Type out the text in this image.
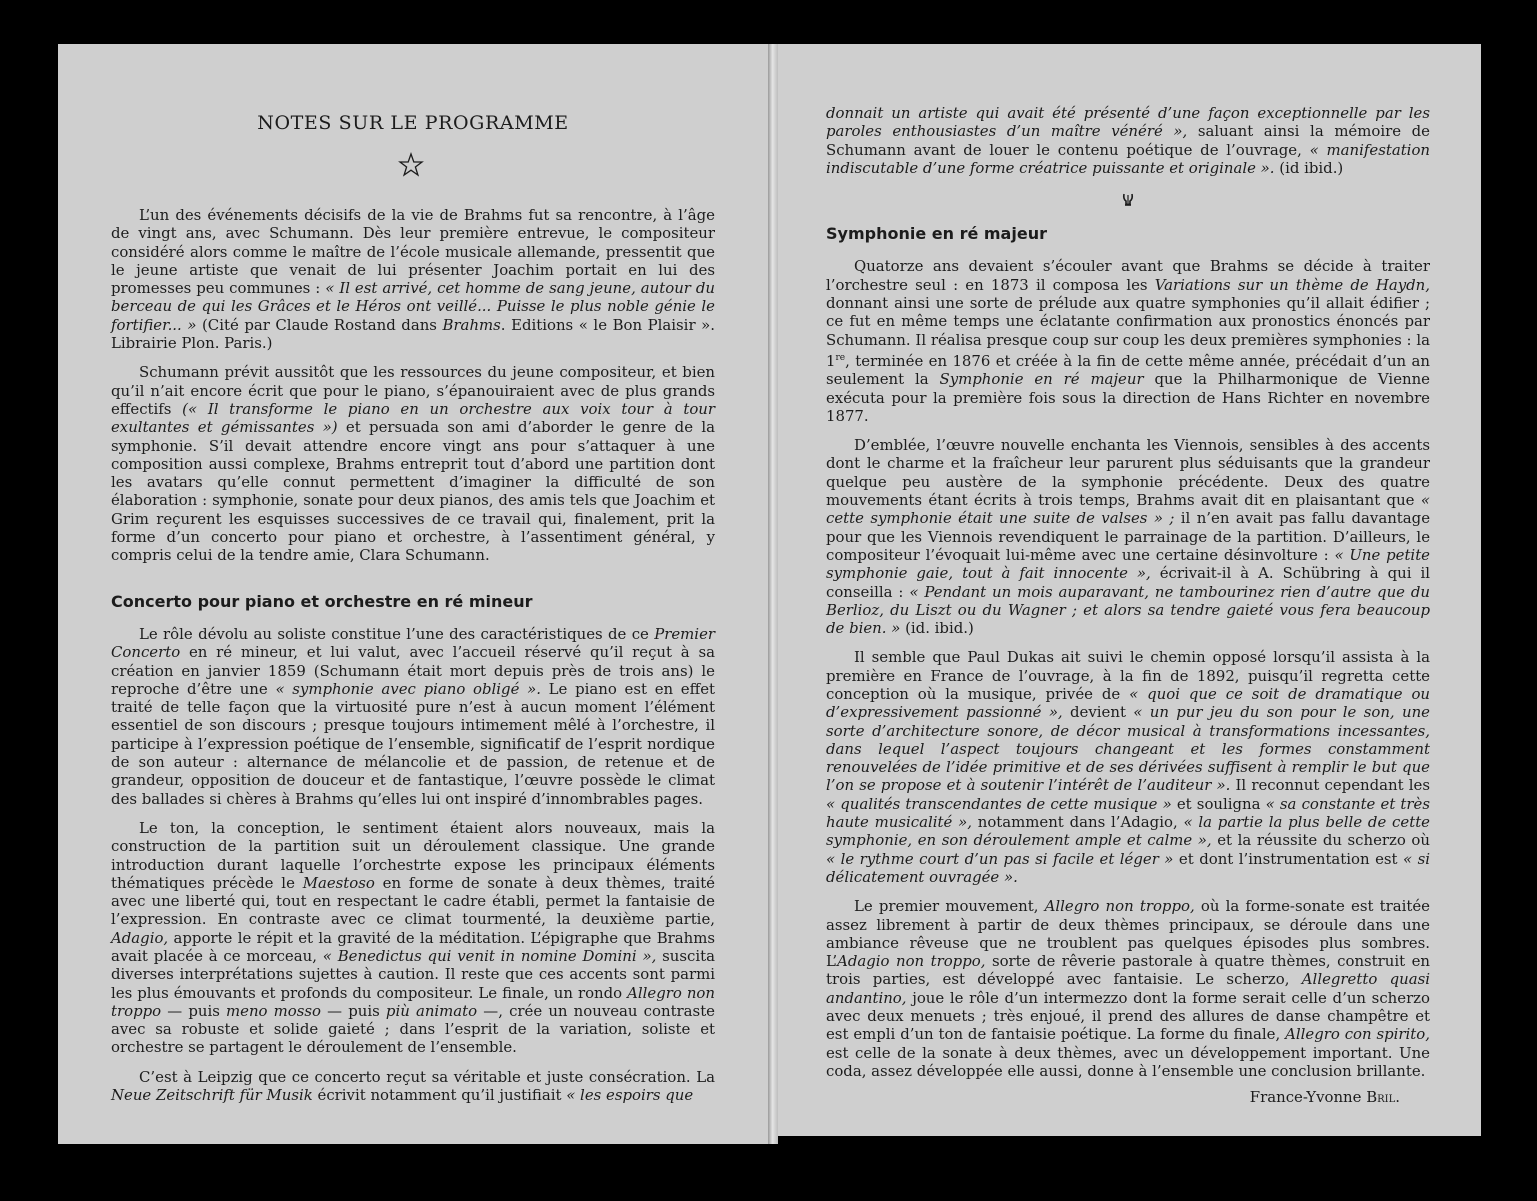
NOTES SUR LE PROGRAMME

L’un des événements décisifs de la vie de Brahms fut sa rencontre, à l’âge de vingt ans, avec Schumann. Dès leur première entrevue, le compositeur considéré alors comme le maître de l’école musicale allemande, pressentit que le jeune artiste que venait de lui présenter Joachim portait en lui des promesses peu communes : « Il est arrivé, cet homme de sang jeune, autour du berceau de qui les Grâces et le Héros ont veillé... Puisse le plus noble génie le fortifier... » (Cité par Claude Rostand dans Brahms. Editions « le Bon Plaisir ». Librairie Plon. Paris.)

Schumann prévit aussitôt que les ressources du jeune compositeur, et bien qu’il n’ait encore écrit que pour le piano, s’épanouiraient avec de plus grands effectifs (« Il transforme le piano en un orchestre aux voix tour à tour exultantes et gémissantes ») et persuada son ami d’aborder le genre de la symphonie. S’il devait attendre encore vingt ans pour s’attaquer à une composition aussi complexe, Brahms entreprit tout d’abord une partition dont les avatars qu’elle connut permettent d’imaginer la difficulté de son élaboration : symphonie, sonate pour deux pianos, des amis tels que Joachim et Grim reçurent les esquisses successives de ce travail qui, finalement, prit la forme d’un concerto pour piano et orchestre, à l’assentiment général, y compris celui de la tendre amie, Clara Schumann.

Concerto pour piano et orchestre en ré mineur

Le rôle dévolu au soliste constitue l’une des caractéristiques de ce Premier Concerto en ré mineur, et lui valut, avec l’accueil réservé qu’il reçut à sa création en janvier 1859 (Schumann était mort depuis près de trois ans) le reproche d’être une « symphonie avec piano obligé ». Le piano est en effet traité de telle façon que la virtuosité pure n’est à aucun moment l’élément essentiel de son discours ; presque toujours intimement mêlé à l’orchestre, il participe à l’expression poétique de l’ensemble, significatif de l’esprit nordique de son auteur : alternance de mélancolie et de passion, de retenue et de grandeur, opposition de douceur et de fantastique, l’œuvre possède le climat des ballades si chères à Brahms qu’elles lui ont inspiré d’innombrables pages.

Le ton, la conception, le sentiment étaient alors nouveaux, mais la construction de la partition suit un déroulement classique. Une grande introduction durant laquelle l’orchestrte expose les principaux éléments thématiques précède le Maestoso en forme de sonate à deux thèmes, traité avec une liberté qui, tout en respectant le cadre établi, permet la fantaisie de l’expression. En contraste avec ce climat tourmenté, la deuxième partie, Adagio, apporte le répit et la gravité de la méditation. L’épigraphe que Brahms avait placée à ce morceau, « Benedictus qui venit in nomine Domini », suscita diverses interprétations sujettes à caution. Il reste que ces accents sont parmi les plus émouvants et profonds du compositeur. Le finale, un rondo Allegro non troppo — puis meno mosso — puis più animato —, crée un nouveau contraste avec sa robuste et solide gaieté ; dans l’esprit de la variation, soliste et orchestre se partagent le déroulement de l’ensemble.

C’est à Leipzig que ce concerto reçut sa véritable et juste consécration. La Neue Zeitschrift für Musik écrivit notamment qu’il justifiait « les espoirs que

donnait un artiste qui avait été présenté d’une façon exceptionnelle par les paroles enthousiastes d’un maître vénéré », saluant ainsi la mémoire de Schumann avant de louer le contenu poétique de l’ouvrage, « manifestation indiscutable d’une forme créatrice puissante et originale ». (id ibid.)

Symphonie en ré majeur

Quatorze ans devaient s’écouler avant que Brahms se décide à traiter l’orchestre seul : en 1873 il composa les Variations sur un thème de Haydn, donnant ainsi une sorte de prélude aux quatre symphonies qu’il allait édifier ; ce fut en même temps une éclatante confirmation aux pronostics énoncés par Schumann. Il réalisa presque coup sur coup les deux premières symphonies : la 1re, terminée en 1876 et créée à la fin de cette même année, précédait d’un an seulement la Symphonie en ré majeur que la Philharmonique de Vienne exécuta pour la première fois sous la direction de Hans Richter en novembre 1877.

D’emblée, l’œuvre nouvelle enchanta les Viennois, sensibles à des accents dont le charme et la fraîcheur leur parurent plus séduisants que la grandeur quelque peu austère de la symphonie précédente. Deux des quatre mouvements étant écrits à trois temps, Brahms avait dit en plaisantant que « cette symphonie était une suite de valses » ; il n’en avait pas fallu davantage pour que les Viennois revendiquent le parrainage de la partition. D’ailleurs, le compositeur l’évoquait lui-même avec une certaine désinvolture : « Une petite symphonie gaie, tout à fait innocente », écrivait-il à A. Schübring à qui il conseilla : « Pendant un mois auparavant, ne tambourinez rien d’autre que du Berlioz, du Liszt ou du Wagner ; et alors sa tendre gaieté vous fera beaucoup de bien. » (id. ibid.)

Il semble que Paul Dukas ait suivi le chemin opposé lorsqu’il assista à la première en France de l’ouvrage, à la fin de 1892, puisqu’il regretta cette conception où la musique, privée de « quoi que ce soit de dramatique ou d’expressivement passionné », devient « un pur jeu du son pour le son, une sorte d’architecture sonore, de décor musical à transformations incessantes, dans lequel l’aspect toujours changeant et les formes constamment renouvelées de l’idée primitive et de ses dérivées suffisent à remplir le but que l’on se propose et à soutenir l’intérêt de l’auditeur ». Il reconnut cependant les « qualités transcendantes de cette musique » et souligna « sa constante et très haute musicalité », notamment dans l’Adagio, « la partie la plus belle de cette symphonie, en son déroulement ample et calme », et la réussite du scherzo où « le rythme court d’un pas si facile et léger » et dont l’instrumentation est « si délicatement ouvragée ».

Le premier mouvement, Allegro non troppo, où la forme-sonate est traitée assez librement à partir de deux thèmes principaux, se déroule dans une ambiance rêveuse que ne troublent pas quelques épisodes plus sombres. L’Adagio non troppo, sorte de rêverie pastorale à quatre thèmes, construit en trois parties, est développé avec fantaisie. Le scherzo, Allegretto quasi andantino, joue le rôle d’un intermezzo dont la forme serait celle d’un scherzo avec deux menuets ; très enjoué, il prend des allures de danse champêtre et est empli d’un ton de fantaisie poétique. La forme du finale, Allegro con spirito, est celle de la sonate à deux thèmes, avec un développement important. Une coda, assez développée elle aussi, donne à l’ensemble une conclusion brillante.

France-Yvonne Bril.
